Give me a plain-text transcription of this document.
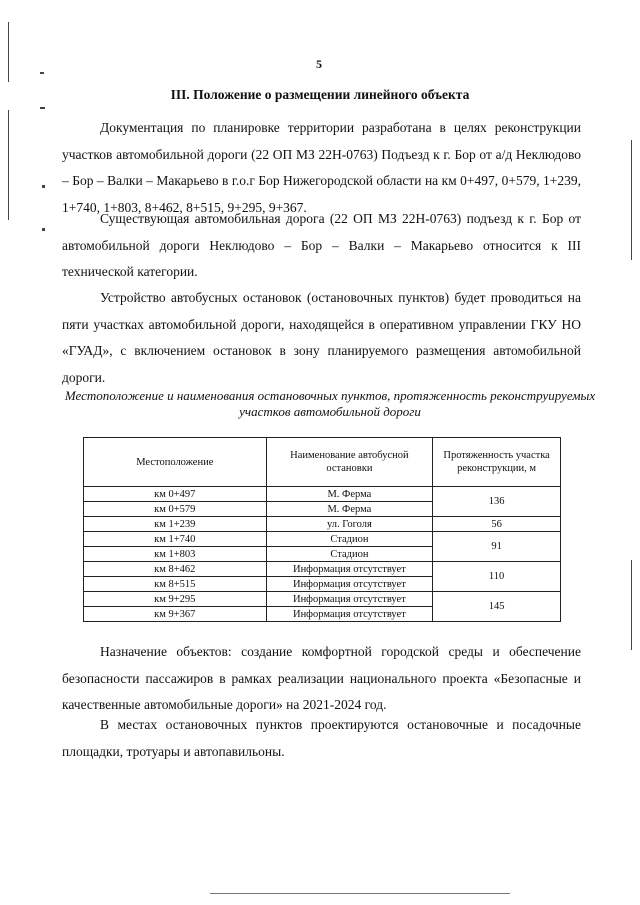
5
III. Положение о размещении линейного объекта

Документация по планировке территории разработана в целях реконструкции участков автомобильной дороги (22 ОП МЗ 22Н-0763) Подъезд к г. Бор от а/д Неклюдово – Бор – Валки – Макарьево в г.о.г Бор Нижегородской области на км 0+497, 0+579, 1+239, 1+740, 1+803, 8+462, 8+515, 9+295, 9+367.

Существующая автомобильная дорога (22 ОП МЗ 22Н-0763) подъезд к г. Бор от автомобильной дороги Неклюдово – Бор – Валки – Макарьево относится к III технической категории.

Устройство автобусных остановок (остановочных пунктов) будет проводиться на пяти участках автомобильной дороги, находящейся в оперативном управлении ГКУ НО «ГУАД», с включением остановок в зону планируемого размещения автомобильной дороги.

Местоположение и наименования остановочных пунктов, протяженность реконструируемых участков автомобильной дороги
Местоположение	Наименование автобусной остановки	Протяженность участка реконструкции, м
км 0+497	М. Ферма	136
км 0+579	М. Ферма	
км 1+239	ул. Гоголя	56
км 1+740	Стадион	91
км 1+803	Стадион	
км 8+462	Информация отсутствует	110
км 8+515	Информация отсутствует	
км 9+295	Информация отсутствует	145
км 9+367	Информация отсутствует	

Назначение объектов: создание комфортной городской среды и обеспечение безопасности пассажиров в рамках реализации национального проекта «Безопасные и качественные автомобильные дороги» на 2021-2024 год.

В местах остановочных пунктов проектируются остановочные и посадочные площадки, тротуары и автопавильоны.
